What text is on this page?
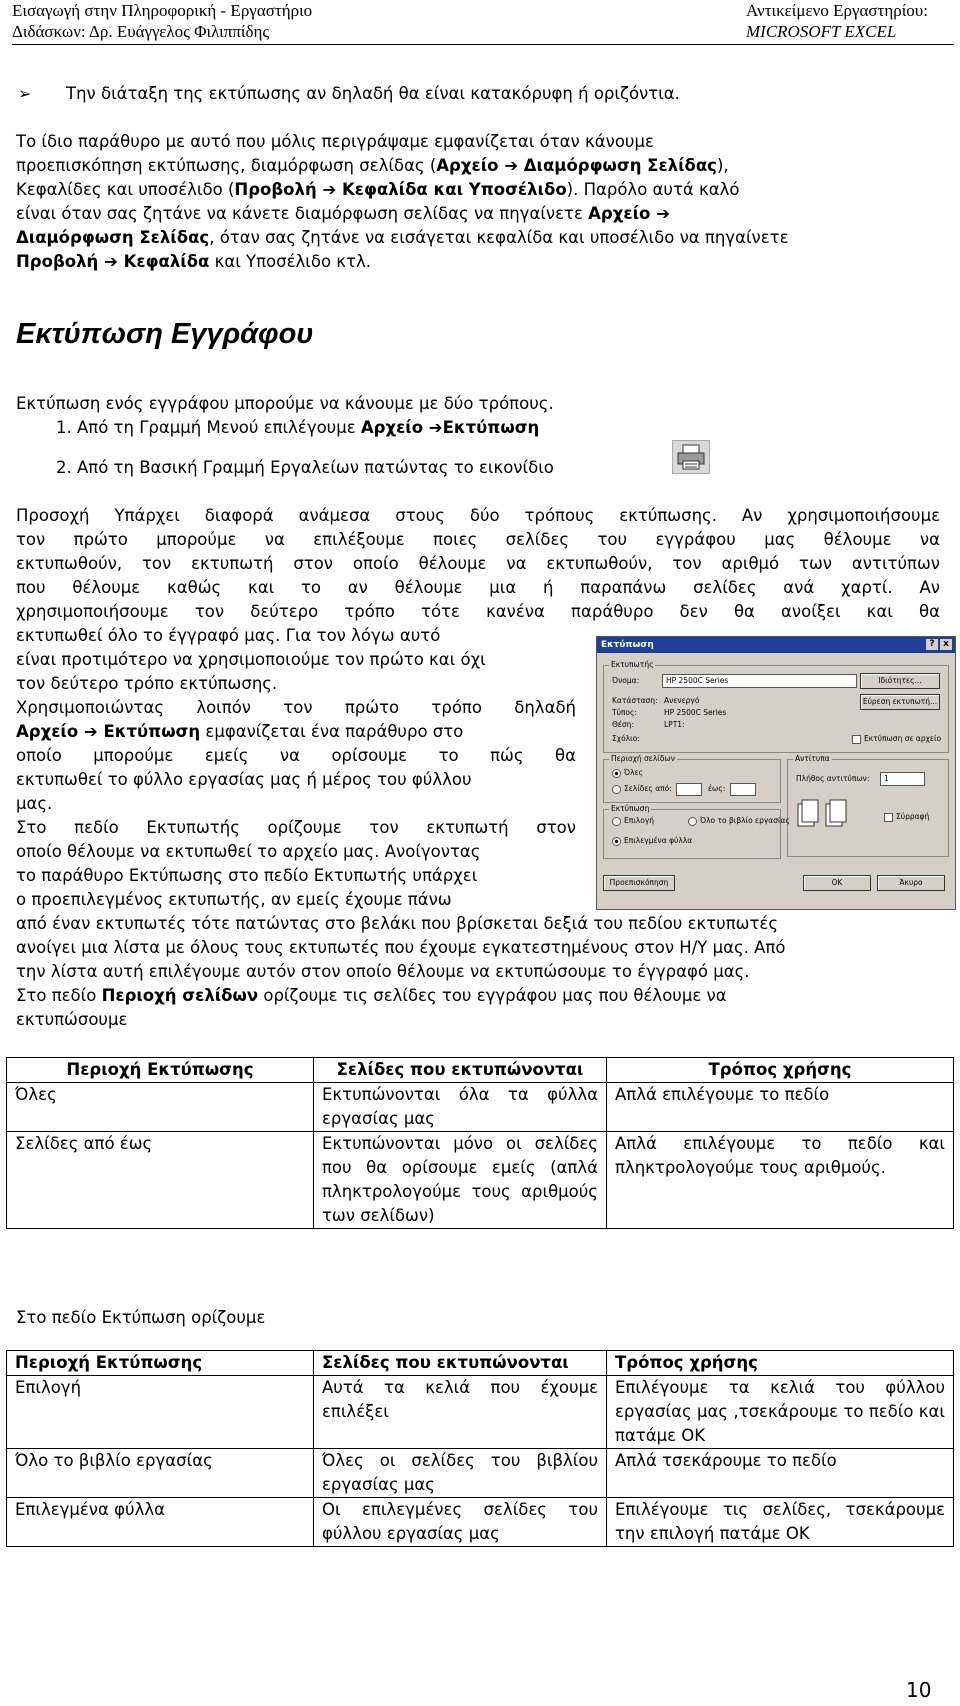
Εισαγωγή στην Πληροφορική - Εργαστήριο
Διδάσκων: Δρ. Ευάγγελος Φιλιππίδης
Αντικείμενο Εργαστηρίου:
MICROSOFT EXCEL
➢ Την διάταξη της εκτύπωσης αν δηλαδή θα είναι κατακόρυφη ή οριζόντια.
Το ίδιο παράθυρο με αυτό που μόλις περιγράψαμε εμφανίζεται όταν κάνουμε
προεπισκόπηση εκτύπωσης, διαμόρφωση σελίδας (Αρχείο ➔ Διαμόρφωση Σελίδας),
Κεφαλίδες και υποσέλιδο (Προβολή ➔ Κεφαλίδα και Υποσέλιδο). Παρόλο αυτά καλό
είναι όταν σας ζητάνε να κάνετε διαμόρφωση σελίδας να πηγαίνετε Αρχείο ➔
Διαμόρφωση Σελίδας, όταν σας ζητάνε να εισάγεται κεφαλίδα και υποσέλιδο να πηγαίνετε
Προβολή ➔ Κεφαλίδα και Υποσέλιδο κτλ.
Εκτύπωση Εγγράφου
Εκτύπωση ενός εγγράφου μπορούμε να κάνουμε με δύο τρόπους.
1. Από τη Γραμμή Μενού επιλέγουμε Αρχείο ➔Εκτύπωση
2. Από τη Βασική Γραμμή Εργαλείων πατώντας το εικονίδιο
Προσοχή Υπάρχει διαφορά ανάμεσα στους δύο τρόπους εκτύπωσης. Αν χρησιμοποιήσουμε
τον πρώτο μπορούμε να επιλέξουμε ποιες σελίδες του εγγράφου μας θέλουμε να
εκτυπωθούν, τον εκτυπωτή στον οποίο θέλουμε να εκτυπωθούν, τον αριθμό των αντιτύπων
που θέλουμε καθώς και το αν θέλουμε μια ή παραπάνω σελίδες ανά χαρτί. Αν
χρησιμοποιήσουμε τον δεύτερο τρόπο τότε κανένα παράθυρο δεν θα ανοίξει και θα
εκτυπωθεί όλο το έγγραφό μας. Για τον λόγω αυτό
είναι προτιμότερο να χρησιμοποιούμε τον πρώτο και όχι
τον δεύτερο τρόπο εκτύπωσης.
Χρησιμοποιώντας λοιπόν τον πρώτο τρόπο δηλαδή
Αρχείο ➔ Εκτύπωση εμφανίζεται ένα παράθυρο στο
οποίο μπορούμε εμείς να ορίσουμε το πώς θα
εκτυπωθεί το φύλλο εργασίας μας ή μέρος του φύλλου
μας.
Στο πεδίο Εκτυπωτής ορίζουμε τον εκτυπωτή στον
οποίο θέλουμε να εκτυπωθεί το αρχείο μας. Ανοίγοντας
το παράθυρο Εκτύπωσης στο πεδίο Εκτυπωτής υπάρχει
ο προεπιλεγμένος εκτυπωτής, αν εμείς έχουμε πάνω
από έναν εκτυπωτές τότε πατώντας στο βελάκι που βρίσκεται δεξιά του πεδίου εκτυπωτές
ανοίγει μια λίστα με όλους τους εκτυπωτές που έχουμε εγκατεστημένους στον Η/Υ μας. Από
την λίστα αυτή επιλέγουμε αυτόν στον οποίο θέλουμε να εκτυπώσουμε το έγγραφό μας.
Στο πεδίο Περιοχή σελίδων ορίζουμε τις σελίδες του εγγράφου μας που θέλουμε να
εκτυπώσουμε
Εκτύπωση	? x
Εκτυπωτής
Όνομα:	HP 2500C Series
Κατάσταση: Ανενεργό
Τύπος:	HP 2500C Series
Θέση:	LPT1:
Σχόλιο:
Ιδιότητες...
Εύρεση εκτυπωτή...
Εκτύπωση σε αρχείο
Περιοχή σελίδων
Όλες
Σελίδες από:	έως:
Αντίτυπα
Πλήθος αντιτύπων:	1
Σύρραφή
Εκτύπωση
Επιλογή	Όλο το βιβλίο εργασίας
Επιλεγμένα φύλλα
Προεπισκόπηση	OK	Άκυρο
Περιοχή Εκτύπωσης	Σελίδες που εκτυπώνονται	Τρόπος χρήσης
Όλες	Εκτυπώνονται όλα τα φύλλα εργασίας μας	Απλά επιλέγουμε το πεδίο
Σελίδες από έως	Εκτυπώνονται μόνο οι σελίδες που θα ορίσουμε εμείς (απλά πληκτρολογούμε τους αριθμούς των σελίδων)	Απλά επιλέγουμε το πεδίο και πληκτρολογούμε τους αριθμούς.
Στο πεδίο Εκτύπωση ορίζουμε
Περιοχή Εκτύπωσης	Σελίδες που εκτυπώνονται	Τρόπος χρήσης
Επιλογή	Αυτά τα κελιά που έχουμε επιλέξει	Επιλέγουμε τα κελιά του φύλλου εργασίας μας ,τσεκάρουμε το πεδίο και πατάμε ΟΚ
Όλο το βιβλίο εργασίας	Όλες οι σελίδες του βιβλίου εργασίας μας	Απλά τσεκάρουμε το πεδίο
Επιλεγμένα φύλλα	Οι επιλεγμένες σελίδες του φύλλου εργασίας μας	Επιλέγουμε τις σελίδες, τσεκάρουμε την επιλογή πατάμε ΟΚ
10
